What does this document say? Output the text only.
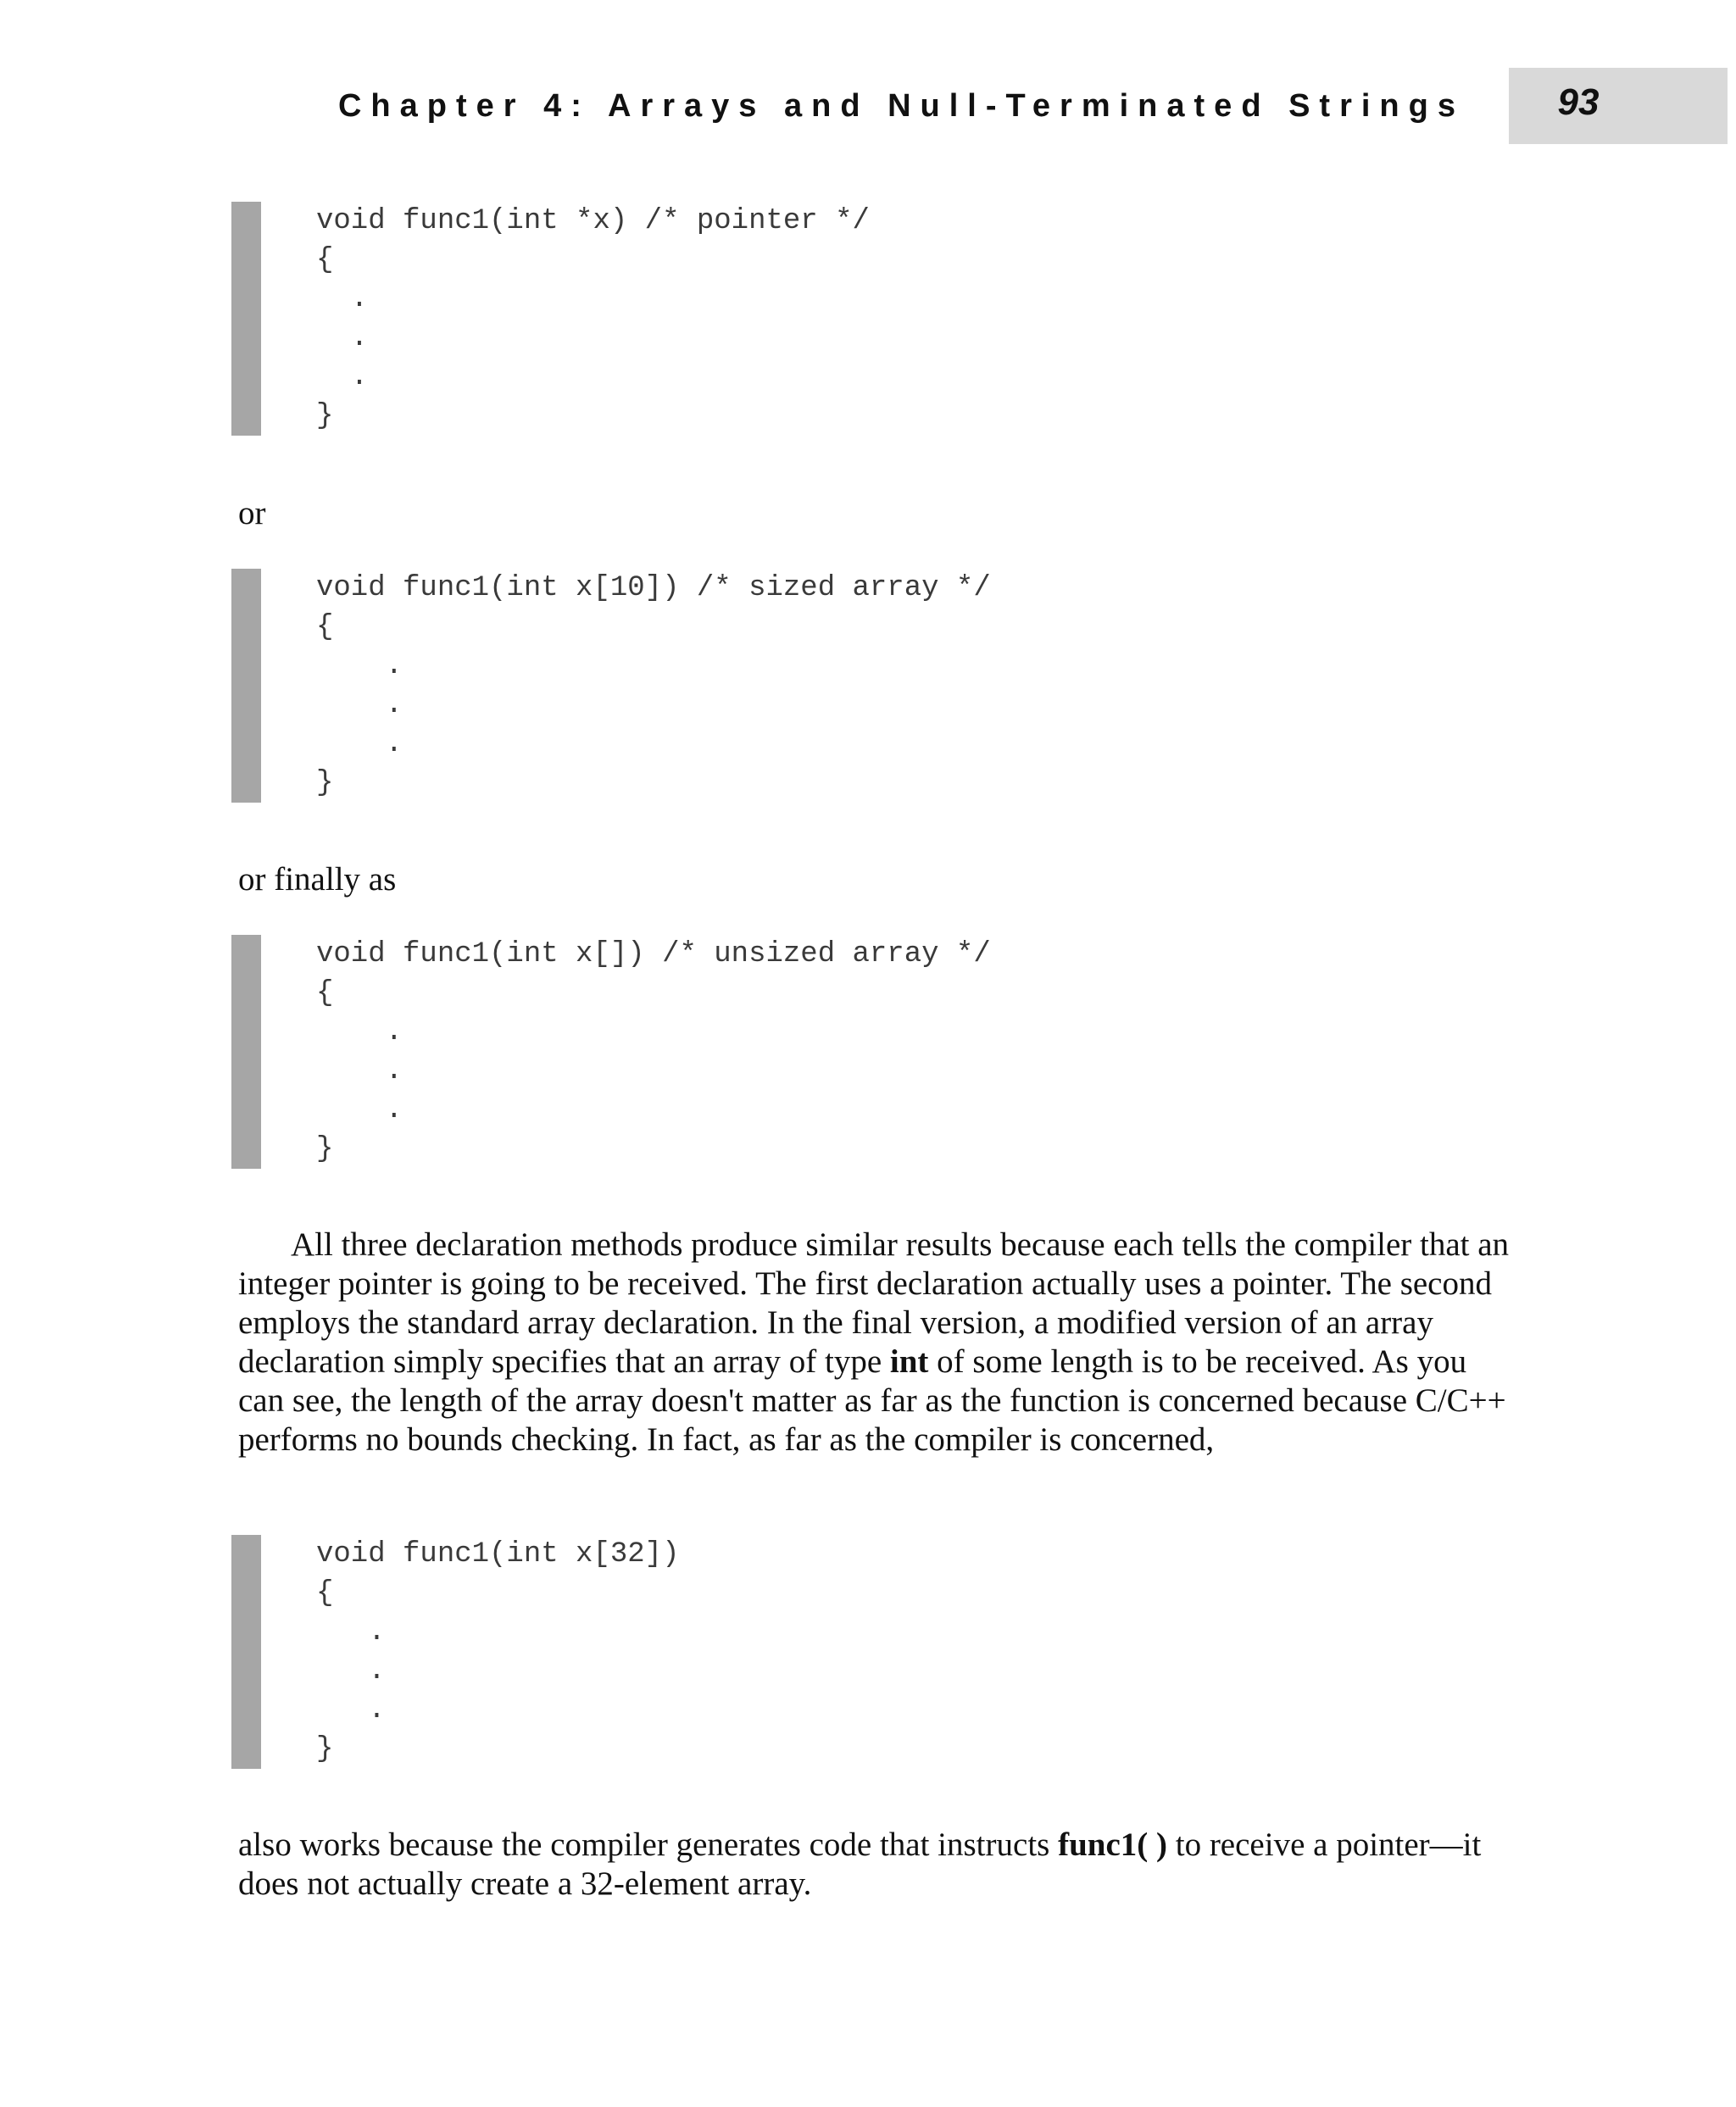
Chapter 4: Arrays and Null-Terminated Strings	93
void func1(int *x) /* pointer */
{
.
.
.
}

or

void func1(int x[10]) /* sized array */
{
.
.
.
}

or finally as

void func1(int x[]) /* unsized array */
{
.
.
.
}

All three declaration methods produce similar results because each tells the compiler that an integer pointer is going to be received. The first declaration actually uses a pointer. The second employs the standard array declaration. In the final version, a modified version of an array declaration simply specifies that an array of type int of some length is to be received. As you can see, the length of the array doesn't matter as far as the function is concerned because C/C++ performs no bounds checking. In fact, as far as the compiler is concerned,

void func1(int x[32])
{
.
.
.
}

also works because the compiler generates code that instructs func1( ) to receive a pointer—it does not actually create a 32-element array.
